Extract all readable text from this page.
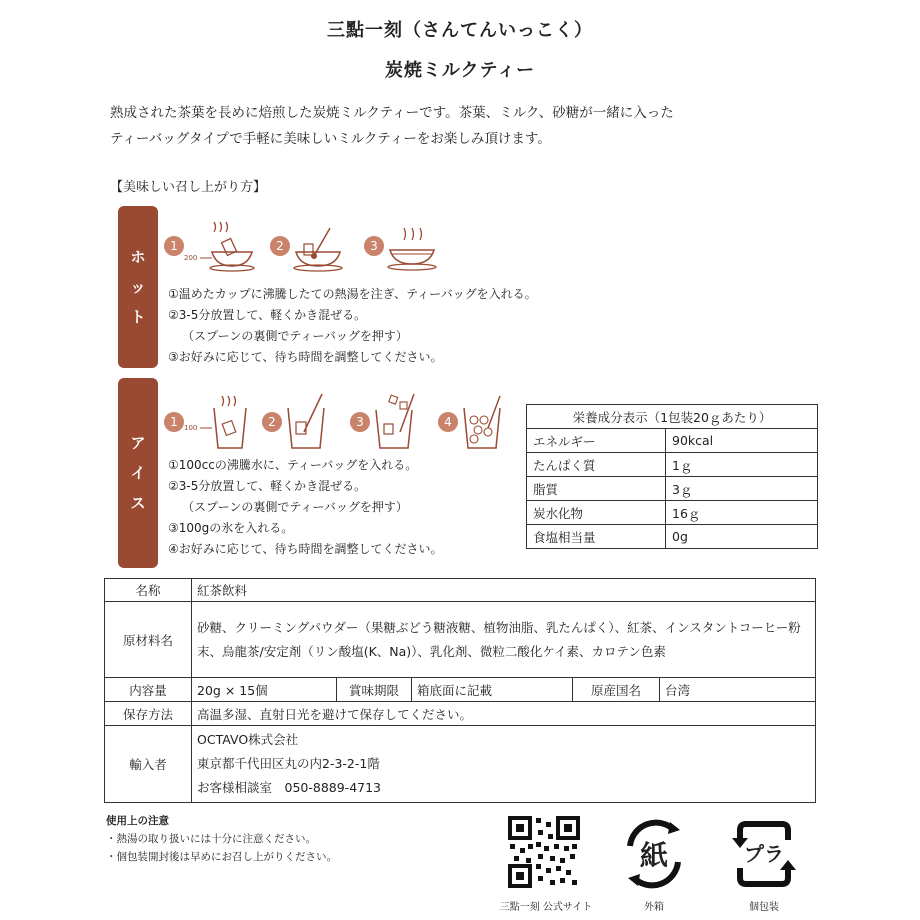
三點一刻（さんてんいっこく）
炭焼ミルクティー
熟成された茶葉を長めに焙煎した炭焼ミルクティーです。茶葉、ミルク、砂糖が一緒に入った
ティーバッグタイプで手軽に美味しいミルクティーをお楽しみ頂けます。
【美味しい召し上がり方】
ホ
ッ
ト
1
200
2	3
①温めたカップに沸騰したての熱湯を注ぎ、ティーバッグを入れる。
②3-5分放置して、軽くかき混ぜる。
（スプーンの裏側でティーバッグを押す）
③お好みに応じて、待ち時間を調整してください。
ア
イ
ス
1 100	2	3	4
①100ccの沸騰水に、ティーバッグを入れる。
②3-5分放置して、軽くかき混ぜる。
（スプーンの裏側でティーバッグを押す）
③100gの氷を入れる。
④お好みに応じて、待ち時間を調整してください。
栄養成分表示（1包装20ｇあたり）	
エネルギー	90kcal
たんぱく質	1ｇ
脂質	3ｇ
炭水化物	16ｇ
食塩相当量	0g
名称	紅茶飲料				
原材料名	砂糖、クリーミングパウダー（果糖ぶどう糖液糖、植物油脂、乳たんぱく）、紅茶、インスタントコーヒー粉末、烏龍茶/安定剤（リン酸塩(K、Na)）、乳化剤、微粒二酸化ケイ素、カロテン色素				
内容量	20g × 15個	賞味期限	箱底面に記載	原産国名	台湾
保存方法	高温多湿、直射日光を避けて保存してください。				
輸入者	OCTAVO株式会社
東京都千代田区丸の内2-3-2-1階
お客様相談室　050-8889-4713				
使用上の注意
・熱湯の取り扱いには十分に注意ください。
・個包装開封後は早めにお召し上がりください。
三點一刻 公式サイト
紙
外箱
プラ
個包装
